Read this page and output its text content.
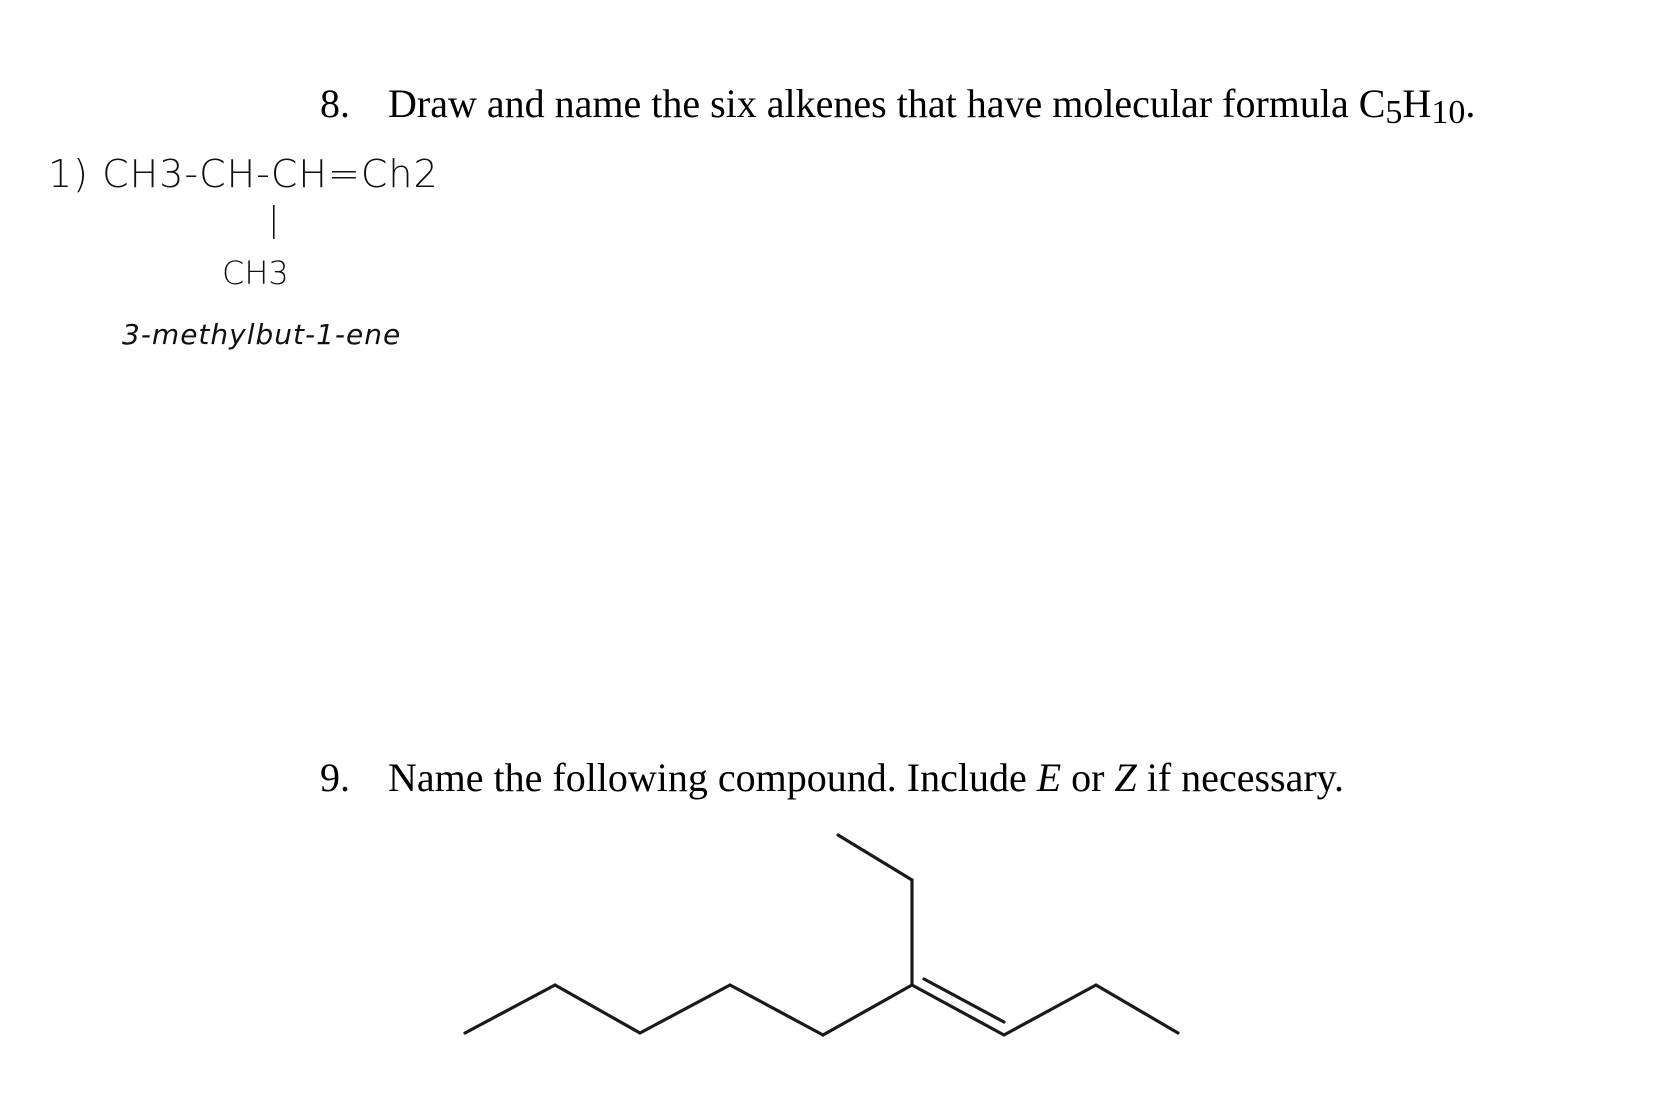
8. Draw and name the six alkenes that have molecular formula C5H10.
1) CH3-CH-CH=Ch2
|
CH3
3-methylbut-1-ene
9. Name the following compound. Include E or Z if necessary.
